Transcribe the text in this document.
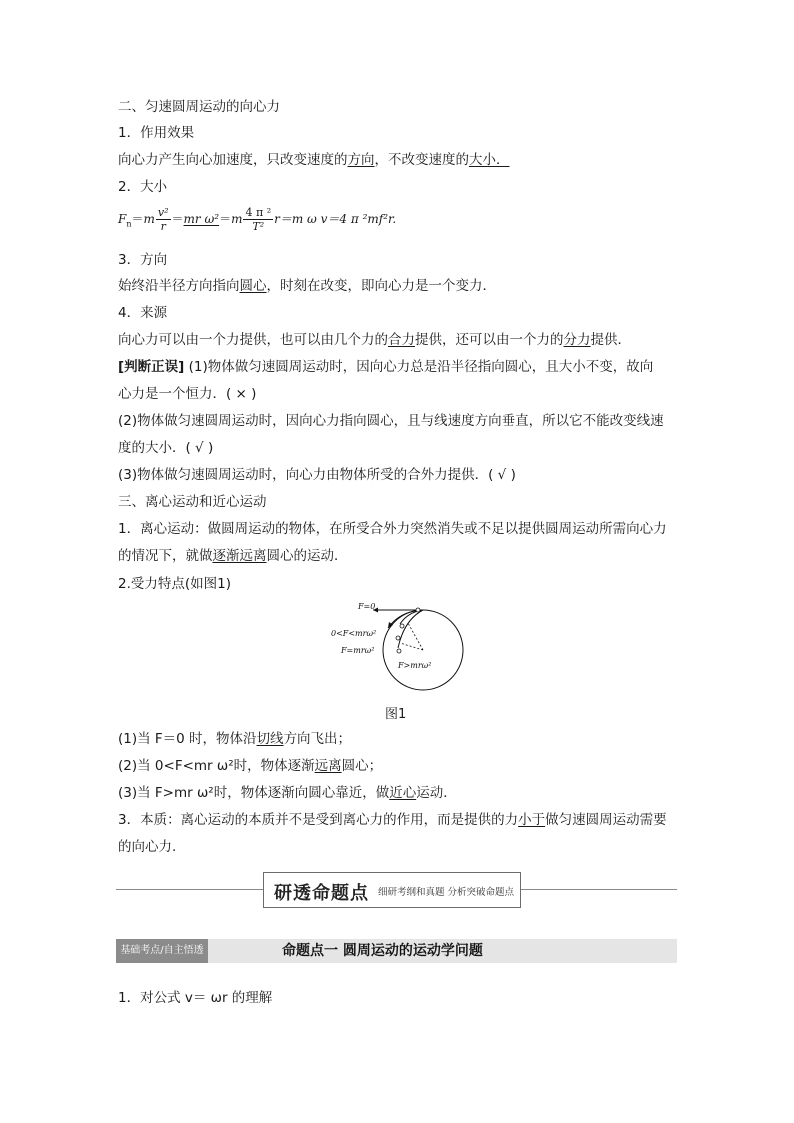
二、匀速圆周运动的向心力
1．作用效果
向心力产生向心加速度，只改变速度的方向，不改变速度的大小．
2．大小
$F_n=m \frac{\text{v²}}{r} =mr$ $\omega^2=m \frac{\text{4 π ²}}{\text{T²}} r=m$ ω v＝4 π ²mf²r.
3．方向
始终沿半径方向指向圆心，时刻在改变，即向心力是一个变力．
4．来源
向心力可以由一个力提供，也可以由几个力的合力提供，还可以由一个力的分力提供．
[判断正误] (1)物体做匀速圆周运动时，因向心力总是沿半径指向圆心，且大小不变，故向
心力是一个恒力．( × )
(2)物体做匀速圆周运动时，因向心力指向圆心，且与线速度方向垂直，所以它不能改变线速
度的大小．( √ )
(3)物体做匀速圆周运动时，向心力由物体所受的合外力提供．( √ )
三、离心运动和近心运动
1．离心运动：做圆周运动的物体，在所受合外力突然消失或不足以提供圆周运动所需向心力
的情况下，就做逐渐远离圆心的运动．
2.受力特点(如图1)
F=0
0<F<mrω²
F=mrω²
F>mrω²
图1
(1)当 F＝0 时，物体沿切线方向飞出；
(2)当 0<F<mr ω²时，物体逐渐远离圆心；
(3)当 F>mr ω²时，物体逐渐向圆心靠近，做近心运动．
3．本质：离心运动的本质并不是受到离心力的作用，而是提供的力小于做匀速圆周运动需要
的向心力.
研透命题点 细研考纲和真题 分析突破命题点
基础考点/自主悟透	命题点一 圆周运动的运动学问题
1．对公式 v＝ ωr 的理解
